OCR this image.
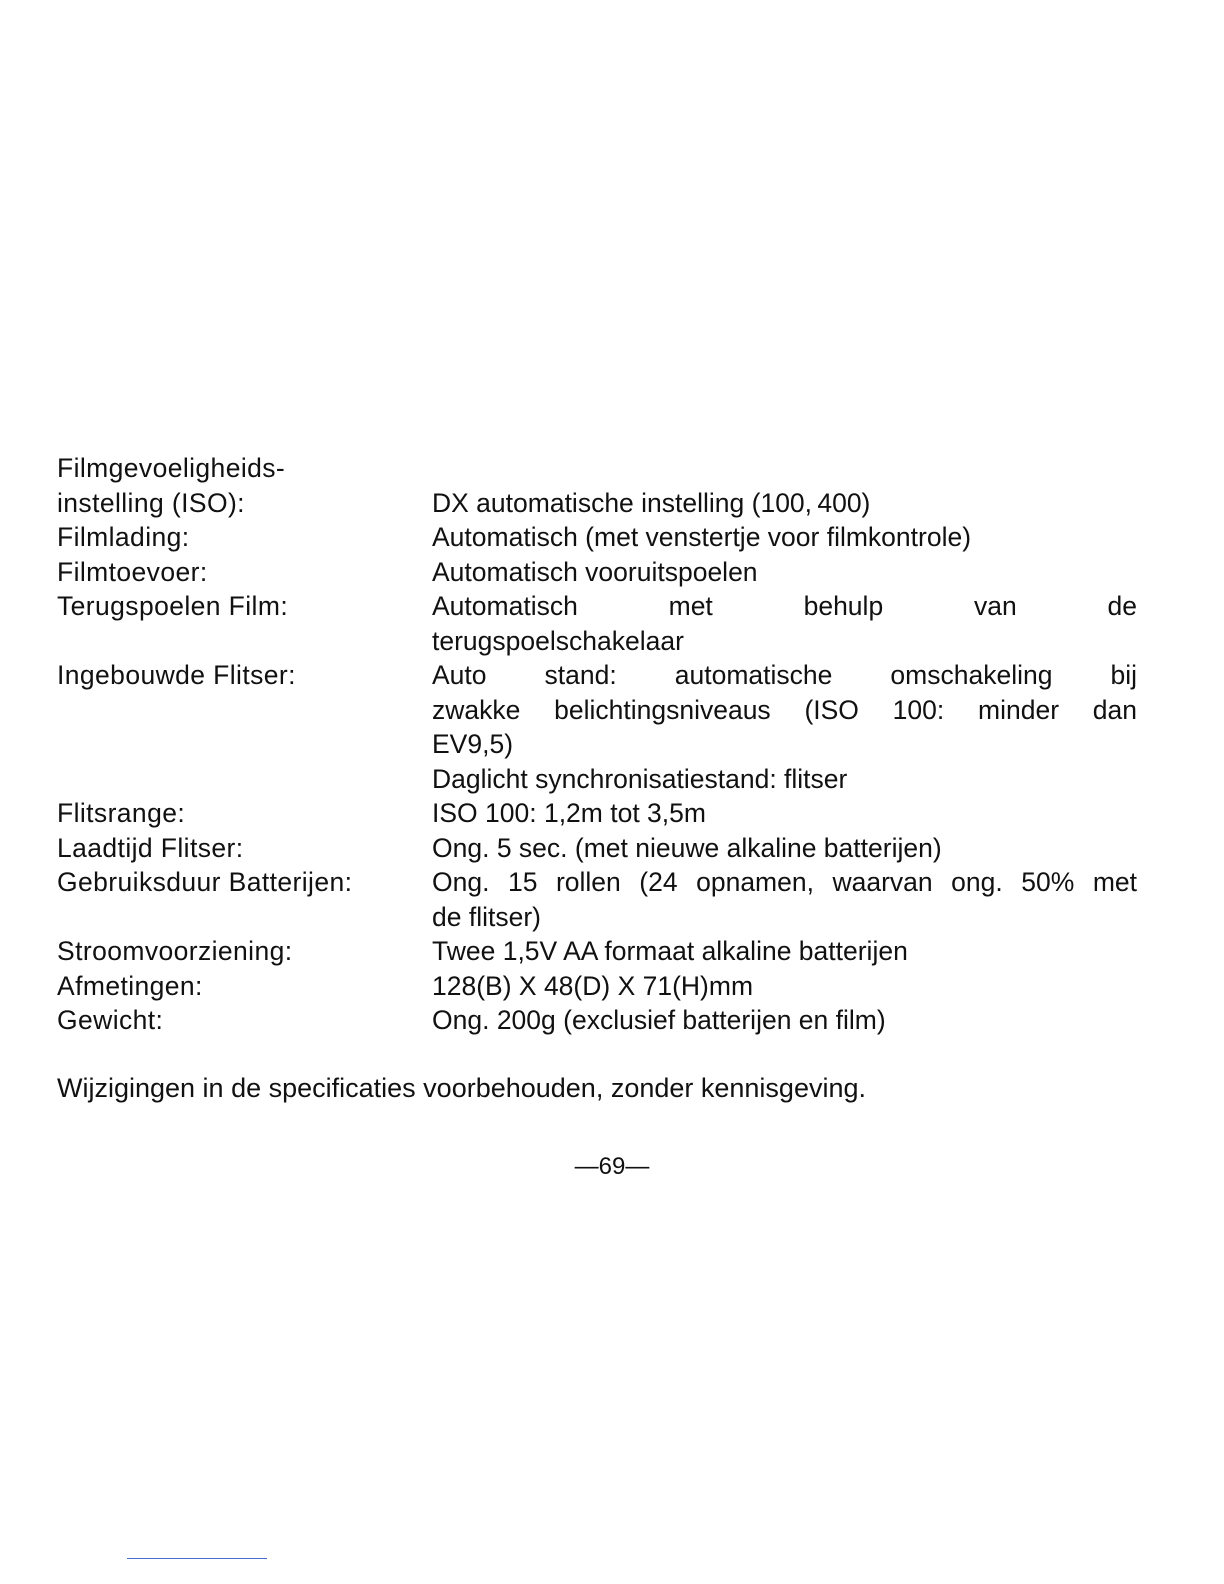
Filmgevoeligheids-
instelling (ISO):	DX automatische instelling (100, 400)
Filmlading:	Automatisch (met venstertje voor filmkontrole)
Filmtoevoer:	Automatisch vooruitspoelen
Terugspoelen Film:	Automatisch met behulp van de
terugspoelschakelaar
Ingebouwde Flitser:	Auto stand: automatische omschakeling bij
zwakke belichtingsniveaus (ISO 100: minder dan
EV9,5)
Daglicht synchronisatiestand: flitser
Flitsrange:	ISO 100: 1,2m tot 3,5m
Laadtijd Flitser:	Ong. 5 sec. (met nieuwe alkaline batterijen)
Gebruiksduur Batterijen:	Ong. 15 rollen (24 opnamen, waarvan ong. 50% met
de flitser)
Stroomvoorziening:	Twee 1,5V AA formaat alkaline batterijen
Afmetingen:	128(B) X 48(D) X 71(H)mm
Gewicht:	Ong. 200g (exclusief batterijen en film)
Wijzigingen in de specificaties voorbehouden, zonder kennisgeving.
—69—
